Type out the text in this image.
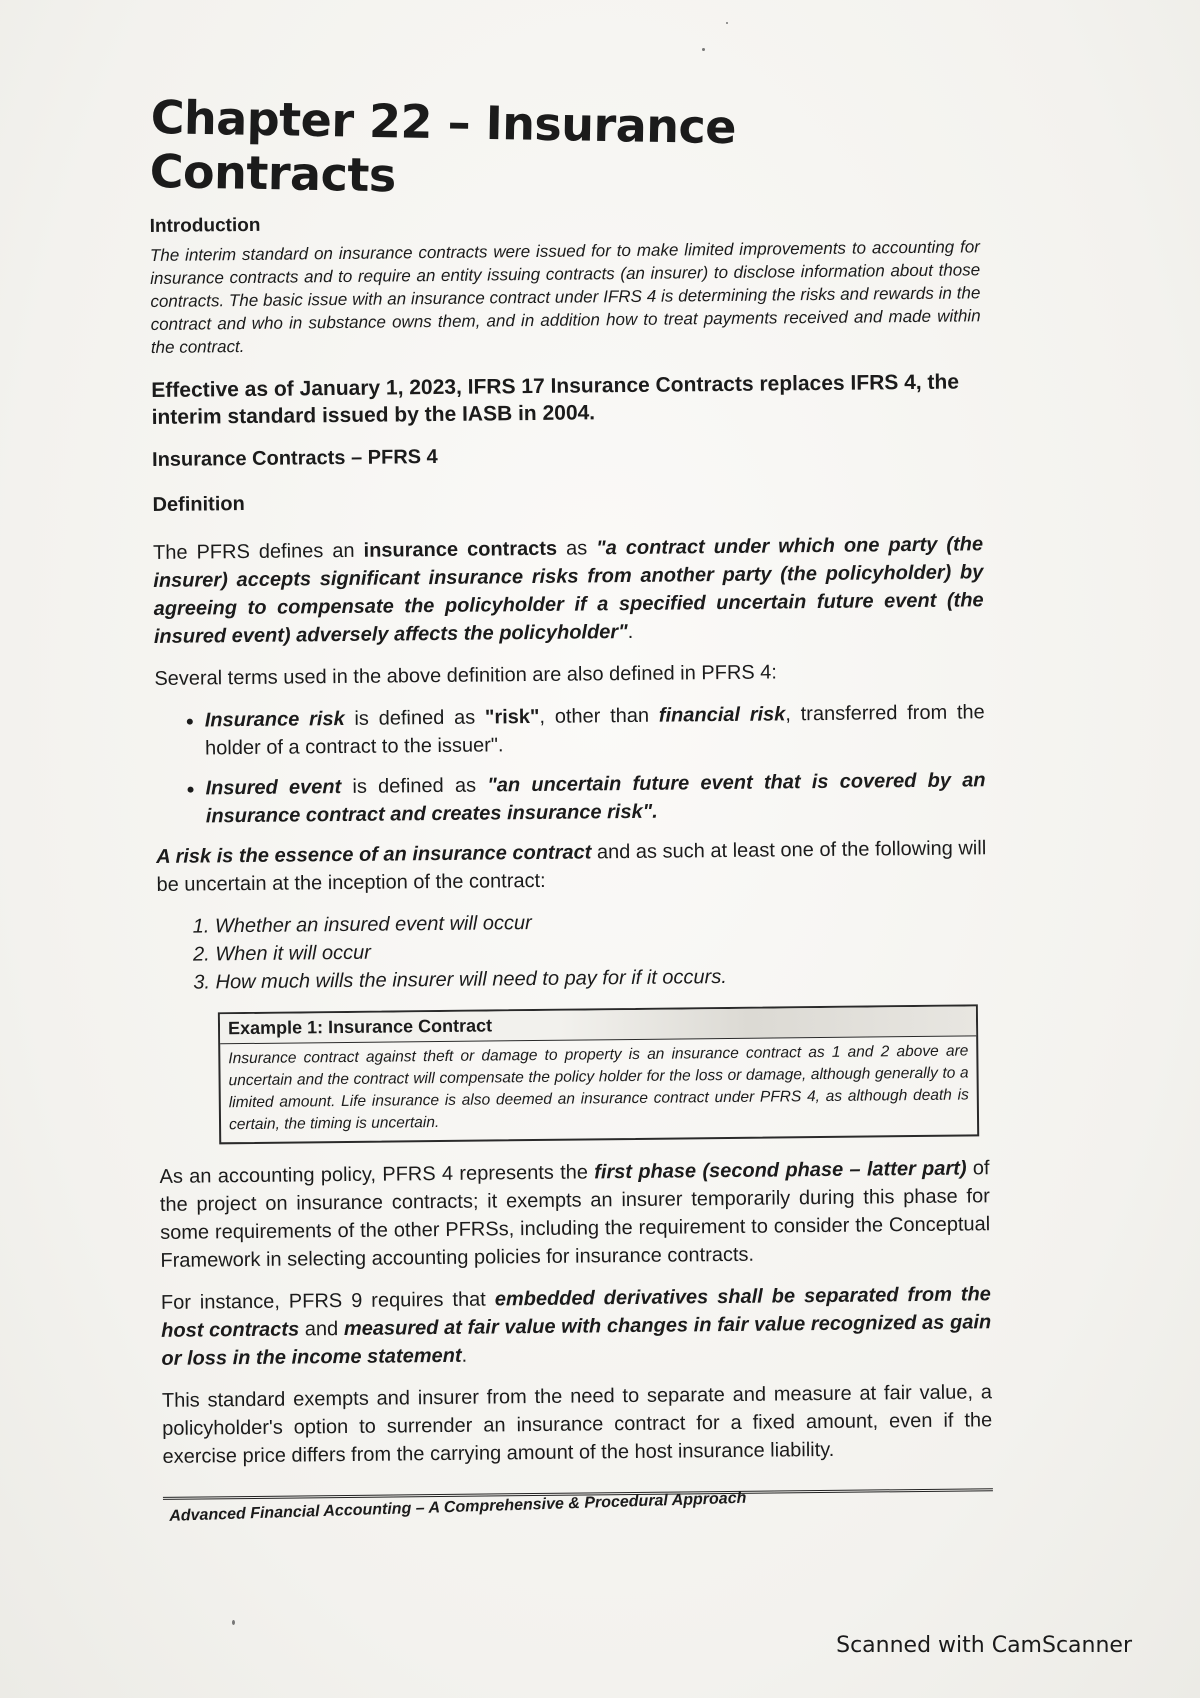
Chapter 22 – Insurance Contracts
Introduction
The interim standard on insurance contracts were issued for to make limited improvements to accounting for insurance contracts and to require an entity issuing contracts (an insurer) to disclose information about those contracts. The basic issue with an insurance contract under IFRS 4 is determining the risks and rewards in the contract and who in substance owns them, and in addition how to treat payments received and made within the contract.
Effective as of January 1, 2023, IFRS 17 Insurance Contracts replaces IFRS 4, the interim standard issued by the IASB in 2004.
Insurance Contracts – PFRS 4
Definition

The PFRS defines an insurance contracts as "a contract under which one party (the insurer) accepts significant insurance risks from another party (the policyholder) by agreeing to compensate the policyholder if a specified uncertain future event (the insured event) adversely affects the policyholder".

Several terms used in the above definition are also defined in PFRS 4:

• Insurance risk is defined as "risk", other than financial risk, transferred from the holder of a contract to the issuer".
• Insured event is defined as "an uncertain future event that is covered by an insurance contract and creates insurance risk".

A risk is the essence of an insurance contract and as such at least one of the following will be uncertain at the inception of the contract:

1. Whether an insured event will occur
2. When it will occur
3. How much wills the insurer will need to pay for if it occurs.
Example 1: Insurance Contract
Insurance contract against theft or damage to property is an insurance contract as 1 and 2 above are uncertain and the contract will compensate the policy holder for the loss or damage, although generally to a limited amount. Life insurance is also deemed an insurance contract under PFRS 4, as although death is certain, the timing is uncertain.

As an accounting policy, PFRS 4 represents the first phase (second phase – latter part) of the project on insurance contracts; it exempts an insurer temporarily during this phase for some requirements of the other PFRSs, including the requirement to consider the Conceptual Framework in selecting accounting policies for insurance contracts.

For instance, PFRS 9 requires that embedded derivatives shall be separated from the host contracts and measured at fair value with changes in fair value recognized as gain or loss in the income statement.

This standard exempts and insurer from the need to separate and measure at fair value, a policyholder's option to surrender an insurance contract for a fixed amount, even if the exercise price differs from the carrying amount of the host insurance liability.

Advanced Financial Accounting – A Comprehensive & Procedural Approach
Scanned with CamScanner
